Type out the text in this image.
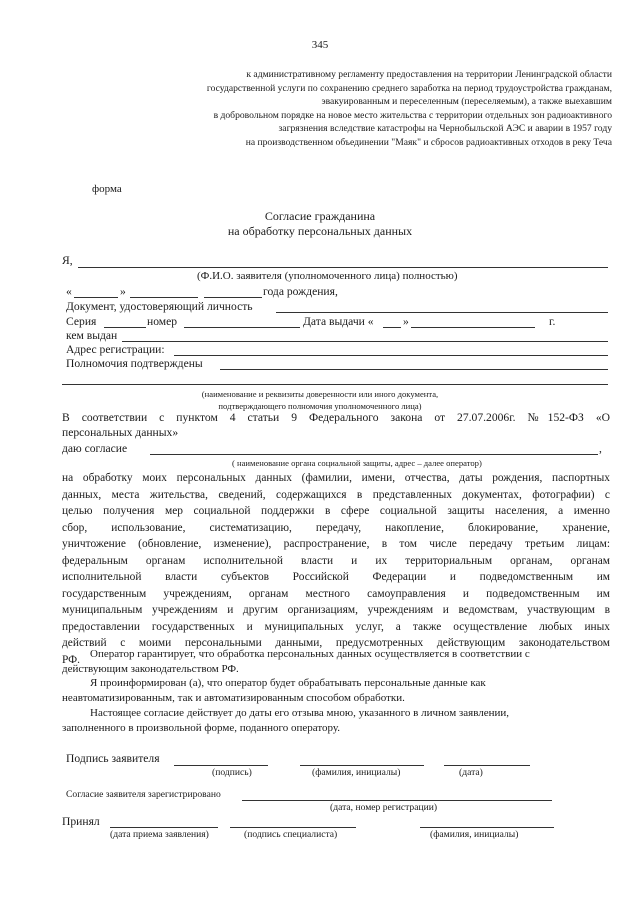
345
к административному регламенту предоставления на территории Ленинградской области
государственной услуги по сохранению среднего заработка на период трудоустройства гражданам,
эвакуированным и переселенным (переселяемым), а также выехавшим
в добровольном порядке на новое место жительства с территории отдельных зон радиоактивного
загрязнения вследствие катастрофы на Чернобыльской АЭС и аварии в 1957 году
на производственном объединении "Маяк" и сбросов радиоактивных отходов в реку Теча
форма
Согласие гражданина
на обработку персональных данных
Я,
(Ф.И.О. заявителя (уполномоченного лица) полностью)
«	»	года рождения,
Документ, удостоверяющий личность
Серия	номер	Дата выдачи «	»	г.
кем выдан
Адрес регистрации:
Полномочия подтверждены
(наименование и реквизиты доверенности или иного документа,
подтверждающего полномочия уполномоченного лица)
В соответствии с пунктом 4 статьи 9 Федерального закона от 27.07.2006г. №152-ФЗ «О
персональных данных»
даю согласие	,
( наименование органа социальной защиты, адрес – далее оператор)
на обработку моих персональных данных (фамилии, имени, отчества, даты рождения, паспортных
данных, места жительства, сведений, содержащихся в представленных документах, фотографии) с
целью получения мер социальной поддержки в сфере социальной защиты населения, а именно
сбор, использование, систематизацию, передачу, накопление, блокирование, хранение,
уничтожение (обновление, изменение), распространение, в том числе передачу третьим лицам:
федеральным органам исполнительной власти и их территориальным органам, органам
исполнительной власти субъектов Российской Федерации и подведомственным им
государственным учреждениям, органам местного самоуправления и подведомственным им
муниципальным учреждениям и другим организациям, учреждениям и ведомствам, участвующим в
предоставлении государственных и муниципальных услуг, а также осуществление любых иных
действий с моими персональными данными, предусмотренных действующим законодательством
РФ. Оператор гарантирует, что обработка персональных данных осуществляется в соответствии с
действующим законодательством РФ.
Я проинформирован (а), что оператор будет обрабатывать персональные данные как
неавтоматизированным, так и автоматизированным способом обработки.
Настоящее согласие действует до даты его отзыва мною, указанного в личном заявлении,
заполненного в произвольной форме, поданного оператору.
Подпись заявителя
(подпись)	(фамилия, инициалы)	(дата)
Согласие заявителя зарегистрировано
(дата, номер регистрации)
Принял
(дата приема заявления)	(подпись специалиста)	(фамилия, инициалы)
